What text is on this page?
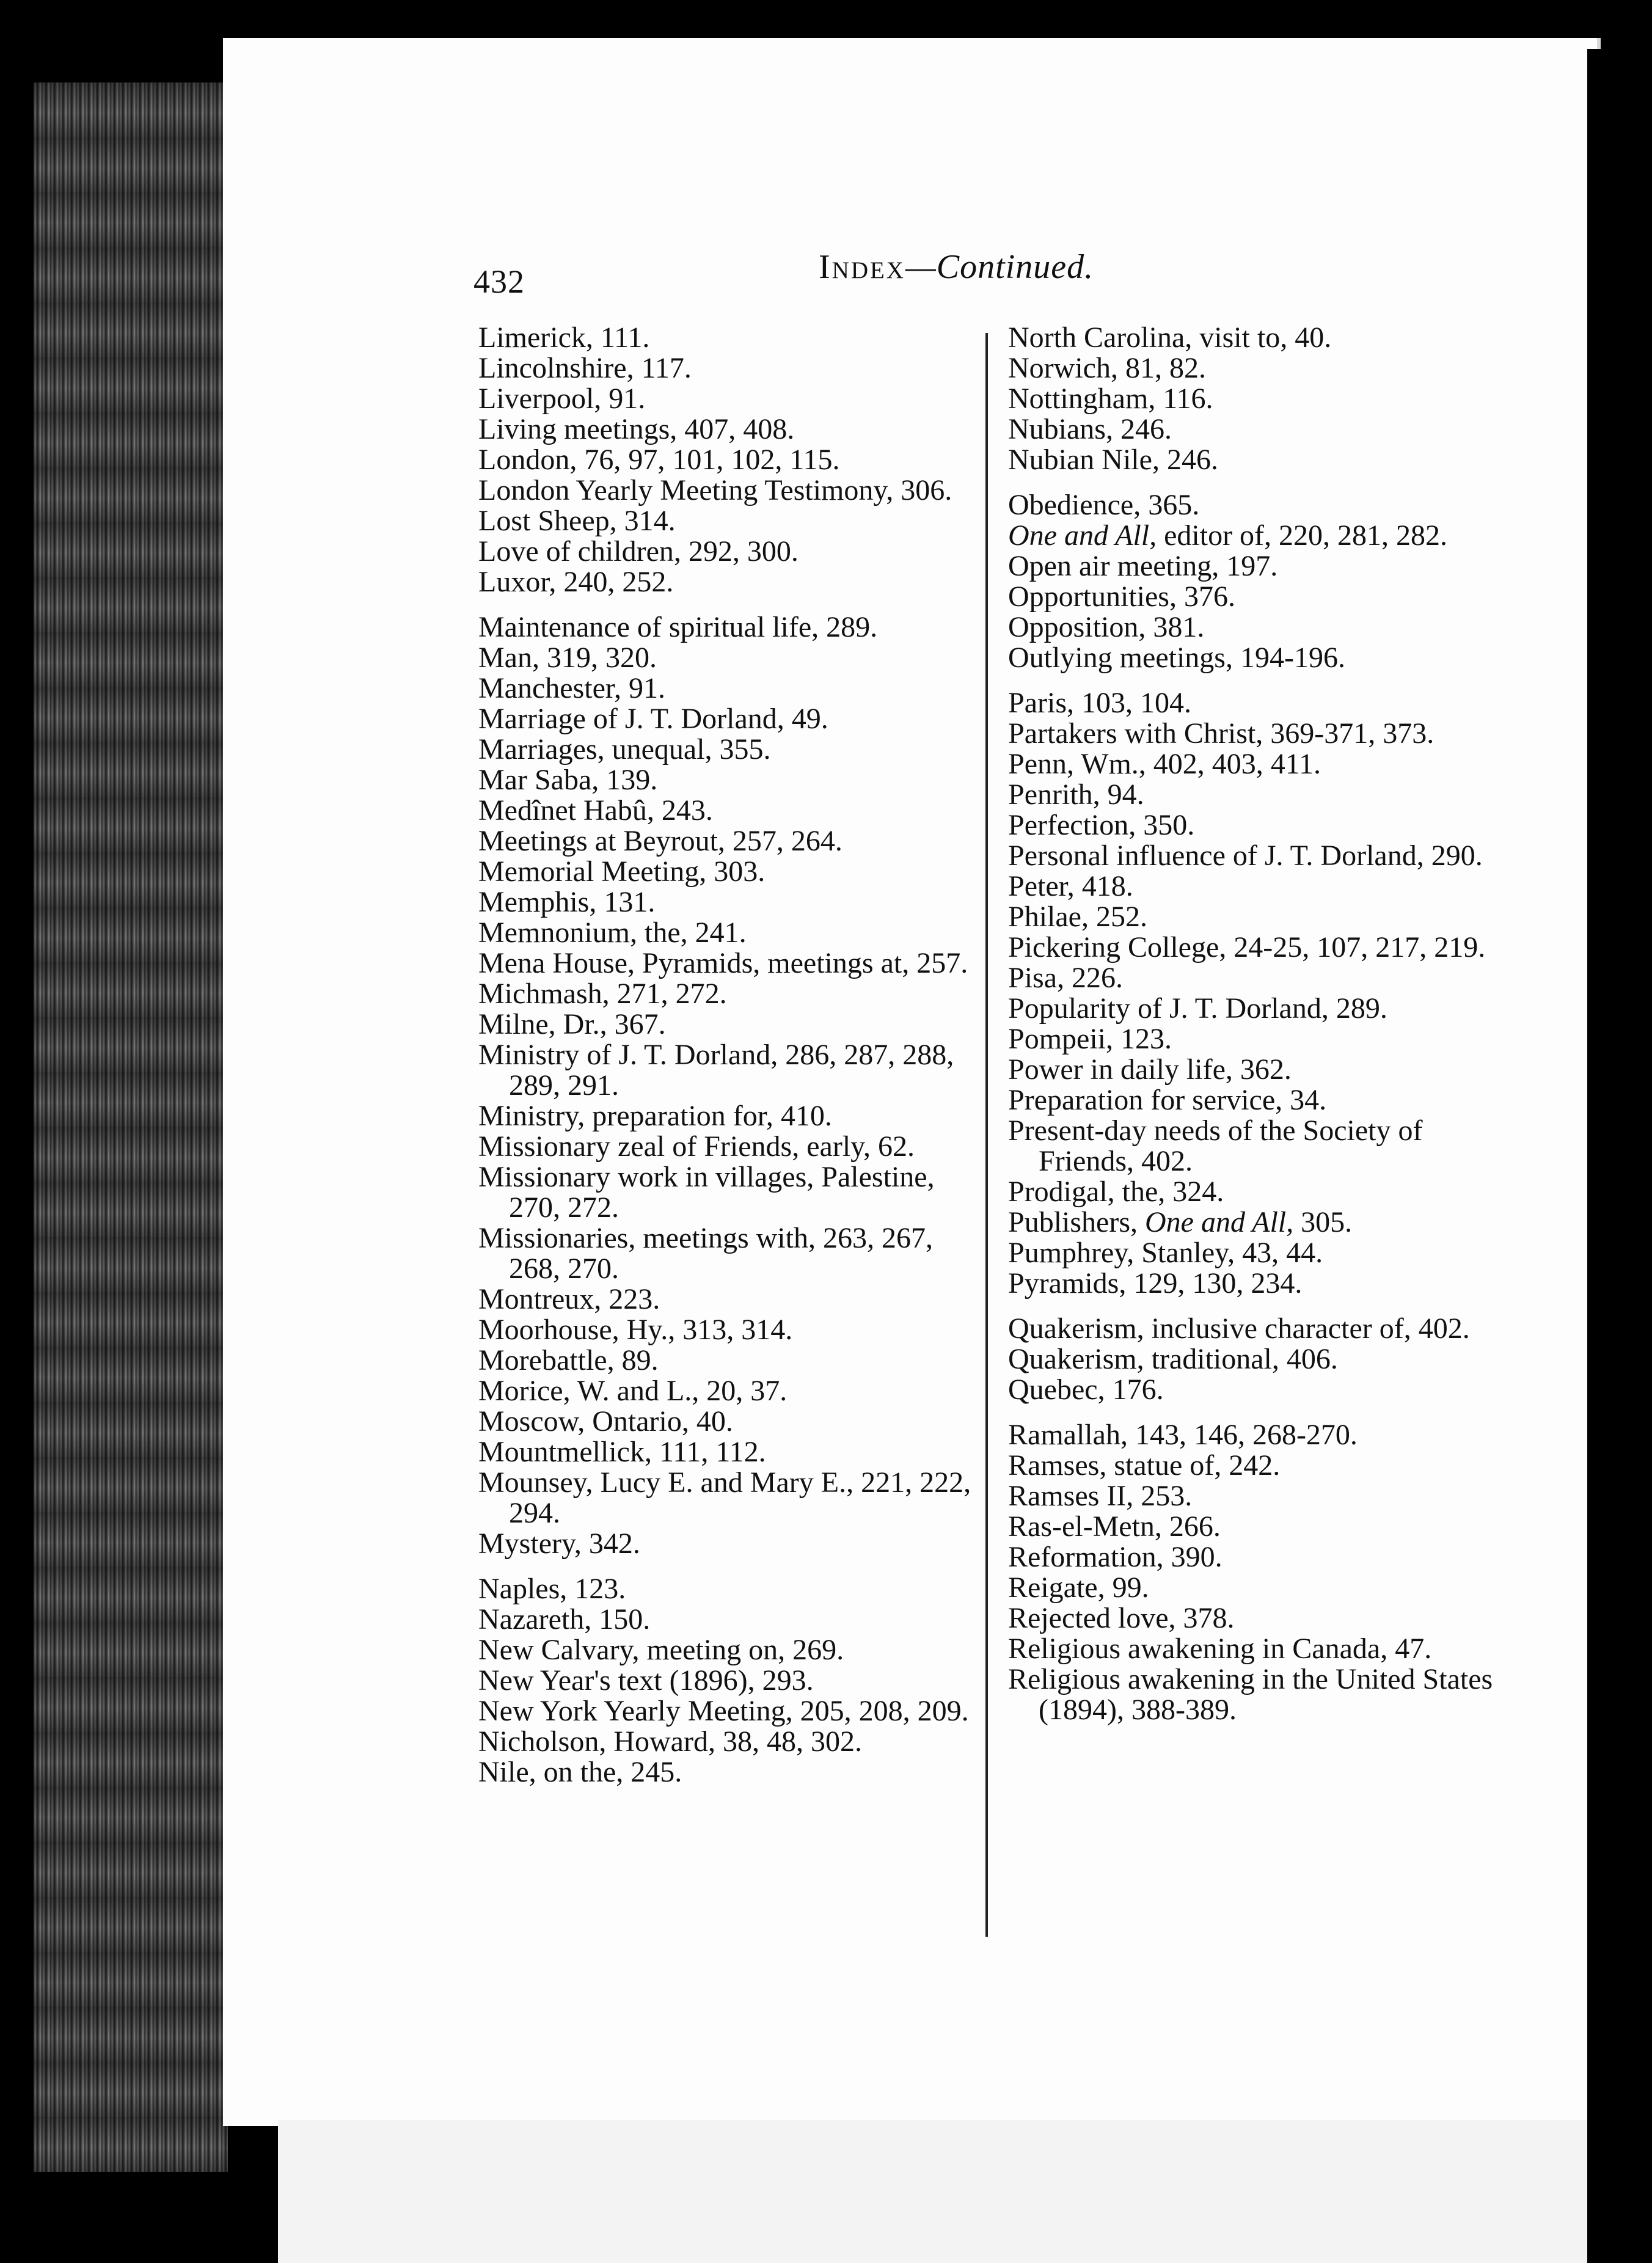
432	Index—Continued.
Limerick, 111.
Lincolnshire, 117.
Liverpool, 91.
Living meetings, 407, 408.
London, 76, 97, 101, 102, 115.
London Yearly Meeting Testimony, 306.
Lost Sheep, 314.
Love of children, 292, 300.
Luxor, 240, 252.
Maintenance of spiritual life, 289.
Man, 319, 320.
Manchester, 91.
Marriage of J. T. Dorland, 49.
Marriages, unequal, 355.
Mar Saba, 139.
Medînet Habû, 243.
Meetings at Beyrout, 257, 264.
Memorial Meeting, 303.
Memphis, 131.
Memnonium, the, 241.
Mena House, Pyramids, meetings at, 257.
Michmash, 271, 272.
Milne, Dr., 367.
Ministry of J. T. Dorland, 286, 287, 288, 289, 291.
Ministry, preparation for, 410.
Missionary zeal of Friends, early, 62.
Missionary work in villages, Palestine, 270, 272.
Missionaries, meetings with, 263, 267, 268, 270.
Montreux, 223.
Moorhouse, Hy., 313, 314.
Morebattle, 89.
Morice, W. and L., 20, 37.
Moscow, Ontario, 40.
Mountmellick, 111, 112.
Mounsey, Lucy E. and Mary E., 221, 222, 294.
Mystery, 342.
Naples, 123.
Nazareth, 150.
New Calvary, meeting on, 269.
New Year's text (1896), 293.
New York Yearly Meeting, 205, 208, 209.
Nicholson, Howard, 38, 48, 302.
Nile, on the, 245.
North Carolina, visit to, 40.
Norwich, 81, 82.
Nottingham, 116.
Nubians, 246.
Nubian Nile, 246.
Obedience, 365.
One and All, editor of, 220, 281, 282.
Open air meeting, 197.
Opportunities, 376.
Opposition, 381.
Outlying meetings, 194-196.
Paris, 103, 104.
Partakers with Christ, 369-371, 373.
Penn, Wm., 402, 403, 411.
Penrith, 94.
Perfection, 350.
Personal influence of J. T. Dorland, 290.
Peter, 418.
Philae, 252.
Pickering College, 24-25, 107, 217, 219.
Pisa, 226.
Popularity of J. T. Dorland, 289.
Pompeii, 123.
Power in daily life, 362.
Preparation for service, 34.
Present-day needs of the Society of Friends, 402.
Prodigal, the, 324.
Publishers, One and All, 305.
Pumphrey, Stanley, 43, 44.
Pyramids, 129, 130, 234.
Quakerism, inclusive character of, 402.
Quakerism, traditional, 406.
Quebec, 176.
Ramallah, 143, 146, 268-270.
Ramses, statue of, 242.
Ramses II, 253.
Ras-el-Metn, 266.
Reformation, 390.
Reigate, 99.
Rejected love, 378.
Religious awakening in Canada, 47.
Religious awakening in the United States (1894), 388-389.
